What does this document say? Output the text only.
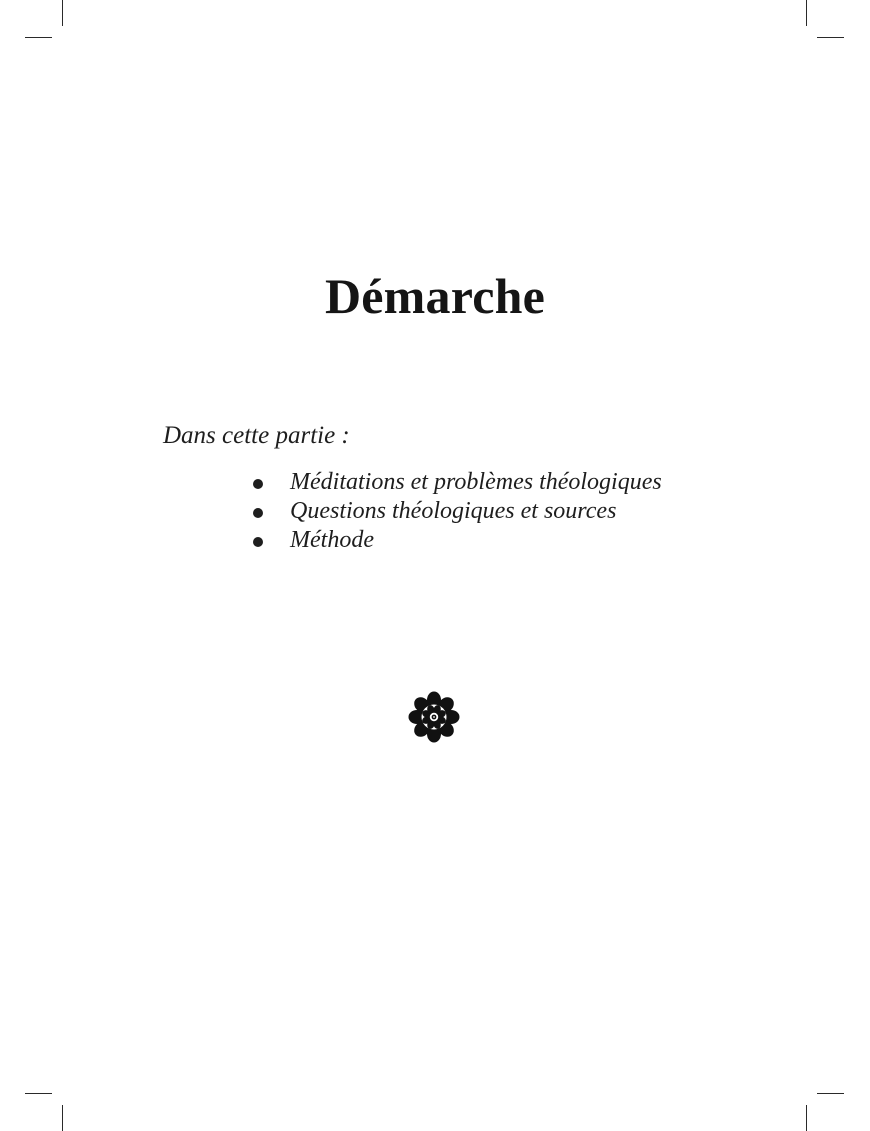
Démarche
Dans cette partie :
Méditations et problèmes théologiques
Questions théologiques et sources
Méthode
